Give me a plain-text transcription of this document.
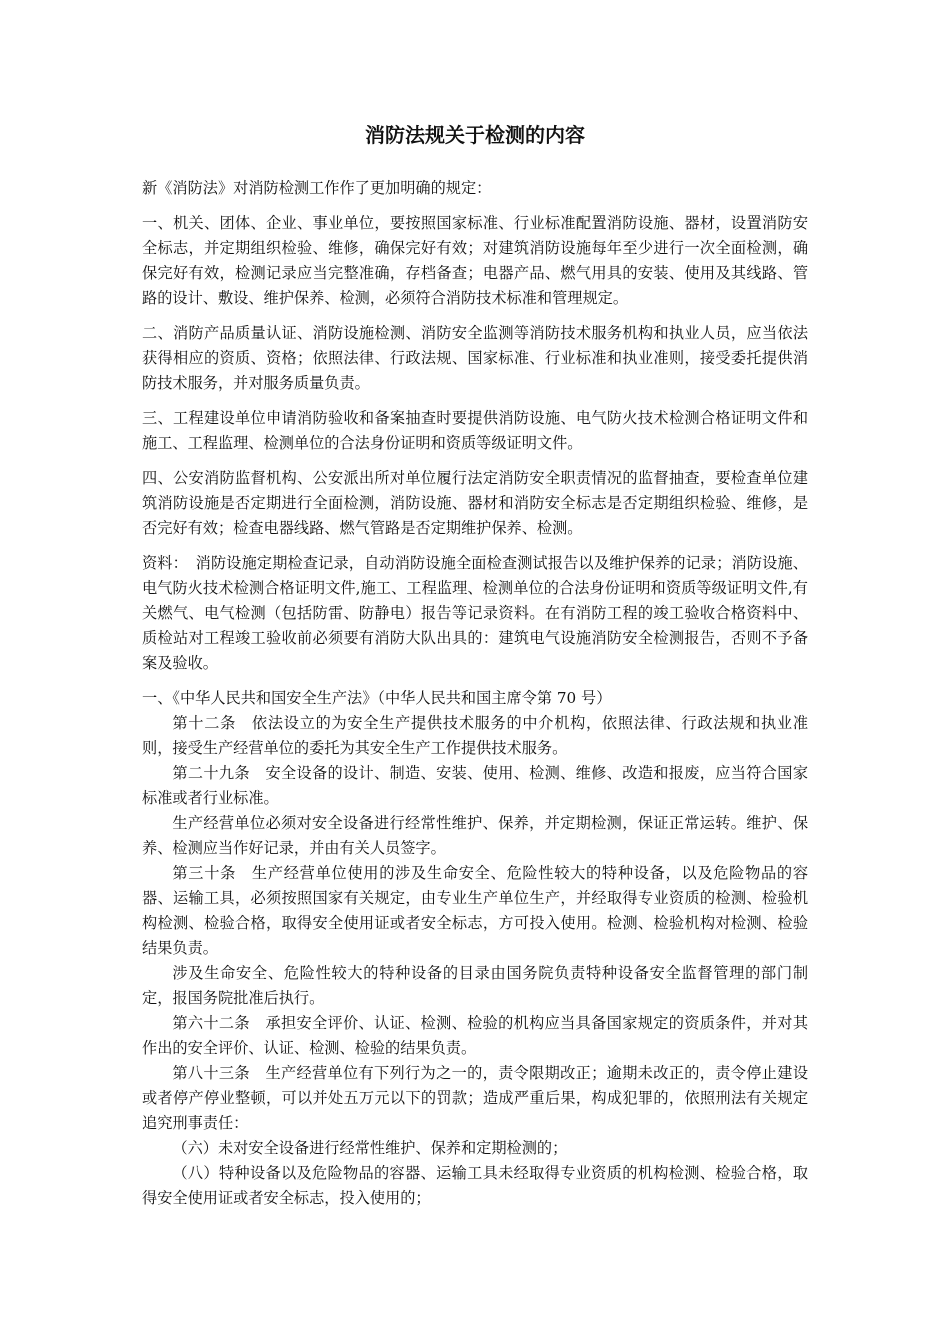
消防法规关于检测的内容

新《消防法》对消防检测工作作了更加明确的规定：

一、机关、团体、企业、事业单位，要按照国家标准、行业标准配置消防设施、器材，设置消防安全标志，并定期组织检验、维修，确保完好有效；对建筑消防设施每年至少进行一次全面检测，确保完好有效，检测记录应当完整准确，存档备查；电器产品、燃气用具的安装、使用及其线路、管路的设计、敷设、维护保养、检测，必须符合消防技术标准和管理规定。

二、消防产品质量认证、消防设施检测、消防安全监测等消防技术服务机构和执业人员，应当依法获得相应的资质、资格；依照法律、行政法规、国家标准、行业标准和执业准则，接受委托提供消防技术服务，并对服务质量负责。

三、工程建设单位申请消防验收和备案抽查时要提供消防设施、电气防火技术检测合格证明文件和施工、工程监理、检测单位的合法身份证明和资质等级证明文件。

四、公安消防监督机构、公安派出所对单位履行法定消防安全职责情况的监督抽查，要检查单位建筑消防设施是否定期进行全面检测，消防设施、器材和消防安全标志是否定期组织检验、维修，是否完好有效；检查电器线路、燃气管路是否定期维护保养、检测。

资料：　消防设施定期检查记录，自动消防设施全面检查测试报告以及维护保养的记录；消防设施、电气防火技术检测合格证明文件,施工、工程监理、检测单位的合法身份证明和资质等级证明文件,有关燃气、电气检测（包括防雷、防静电）报告等记录资料。在有消防工程的竣工验收合格资料中、质检站对工程竣工验收前必须要有消防大队出具的：建筑电气设施消防安全检测报告，否则不予备案及验收。

一、《中华人民共和国安全生产法》（中华人民共和国主席令第 70 号）

第十二条　依法设立的为安全生产提供技术服务的中介机构，依照法律、行政法规和执业准则，接受生产经营单位的委托为其安全生产工作提供技术服务。

第二十九条　安全设备的设计、制造、安装、使用、检测、维修、改造和报废，应当符合国家标准或者行业标准。

生产经营单位必须对安全设备进行经常性维护、保养，并定期检测，保证正常运转。维护、保养、检测应当作好记录，并由有关人员签字。

第三十条　生产经营单位使用的涉及生命安全、危险性较大的特种设备，以及危险物品的容器、运输工具，必须按照国家有关规定，由专业生产单位生产，并经取得专业资质的检测、检验机构检测、检验合格，取得安全使用证或者安全标志，方可投入使用。检测、检验机构对检测、检验结果负责。

涉及生命安全、危险性较大的特种设备的目录由国务院负责特种设备安全监督管理的部门制定，报国务院批准后执行。

第六十二条　承担安全评价、认证、检测、检验的机构应当具备国家规定的资质条件，并对其作出的安全评价、认证、检测、检验的结果负责。

第八十三条　生产经营单位有下列行为之一的，责令限期改正；逾期未改正的，责令停止建设或者停产停业整顿，可以并处五万元以下的罚款；造成严重后果，构成犯罪的，依照刑法有关规定追究刑事责任：

（六）未对安全设备进行经常性维护、保养和定期检测的；

（八）特种设备以及危险物品的容器、运输工具未经取得专业资质的机构检测、检验合格，取得安全使用证或者安全标志，投入使用的；
